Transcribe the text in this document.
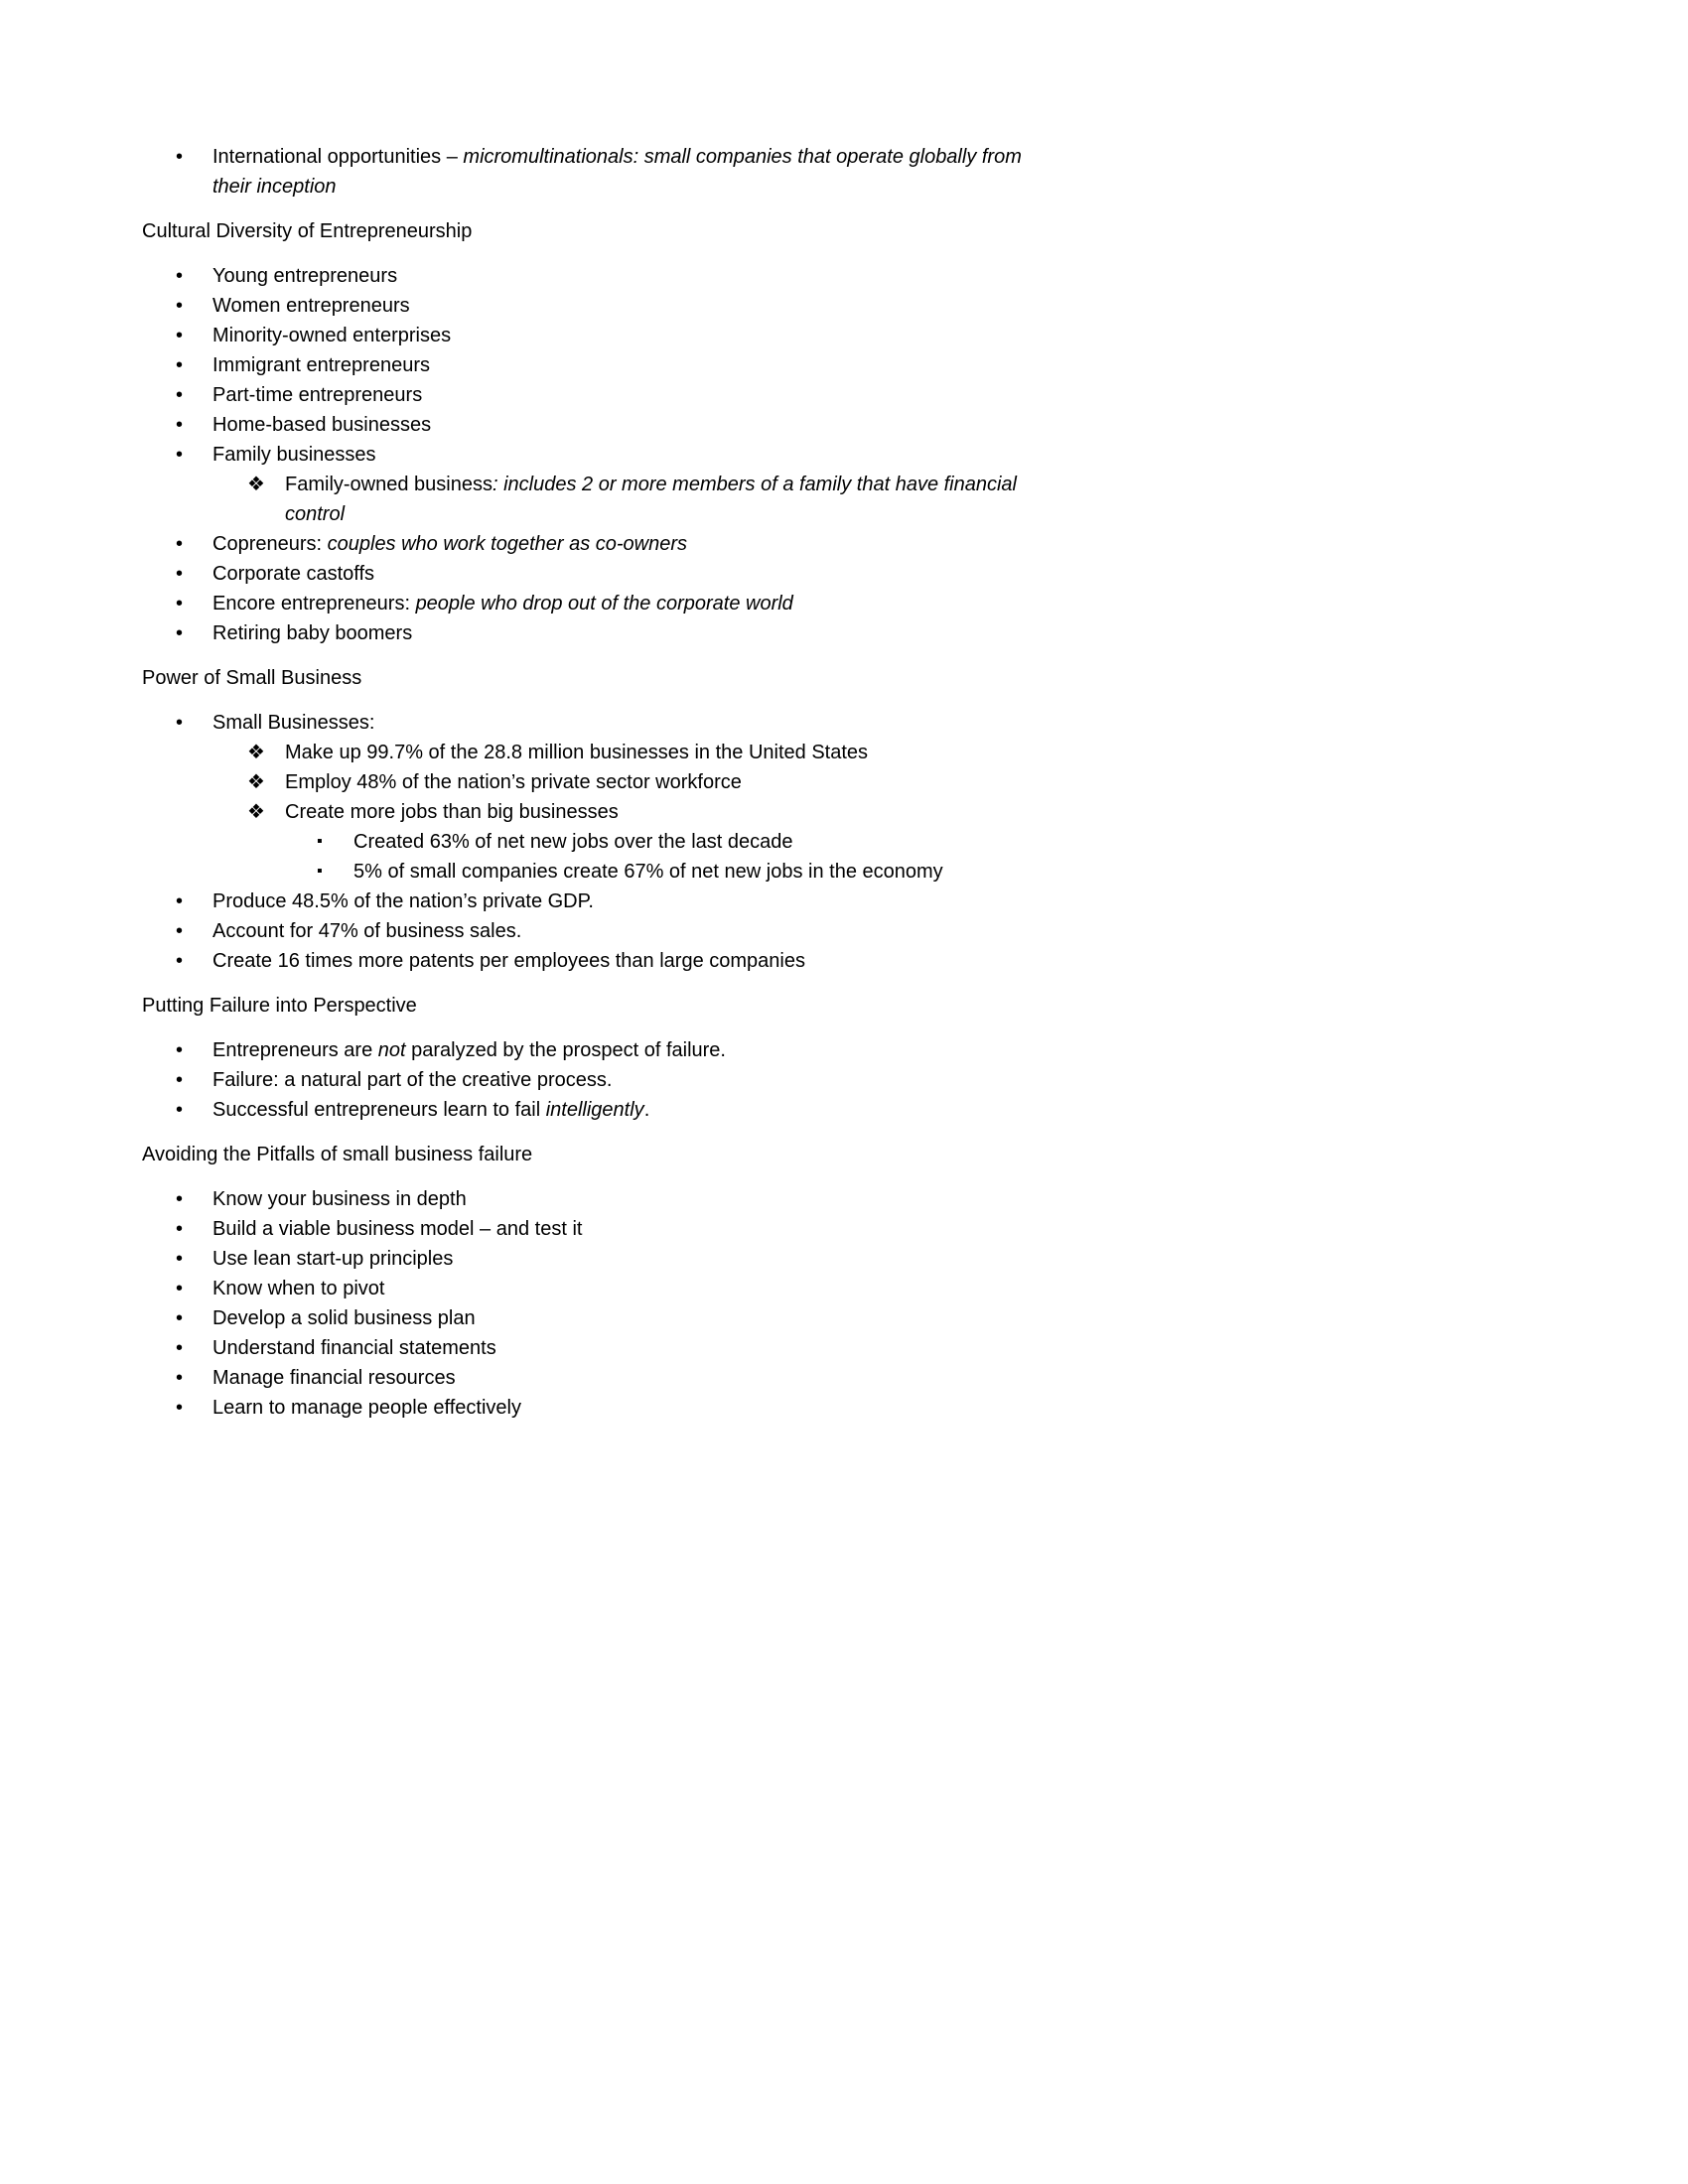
• International opportunities – micromultinationals: small companies that operate globally from their inception
Cultural Diversity of Entrepreneurship
• Young entrepreneurs
• Women entrepreneurs
• Minority-owned enterprises
• Immigrant entrepreneurs
• Part-time entrepreneurs
• Home-based businesses
• Family businesses
❖ Family-owned business: includes 2 or more members of a family that have financial control
• Copreneurs: couples who work together as co-owners
• Corporate castoffs
• Encore entrepreneurs: people who drop out of the corporate world
• Retiring baby boomers
Power of Small Business
• Small Businesses:
❖ Make up 99.7% of the 28.8 million businesses in the United States
❖ Employ 48% of the nation’s private sector workforce
❖ Create more jobs than big businesses
▪ Created 63% of net new jobs over the last decade
▪ 5% of small companies create 67% of net new jobs in the economy
• Produce 48.5% of the nation’s private GDP.
• Account for 47% of business sales.
• Create 16 times more patents per employees than large companies
Putting Failure into Perspective
• Entrepreneurs are not paralyzed by the prospect of failure.
• Failure: a natural part of the creative process.
• Successful entrepreneurs learn to fail intelligently.
Avoiding the Pitfalls of small business failure
• Know your business in depth
• Build a viable business model – and test it
• Use lean start-up principles
• Know when to pivot
• Develop a solid business plan
• Understand financial statements
• Manage financial resources
• Learn to manage people effectively
